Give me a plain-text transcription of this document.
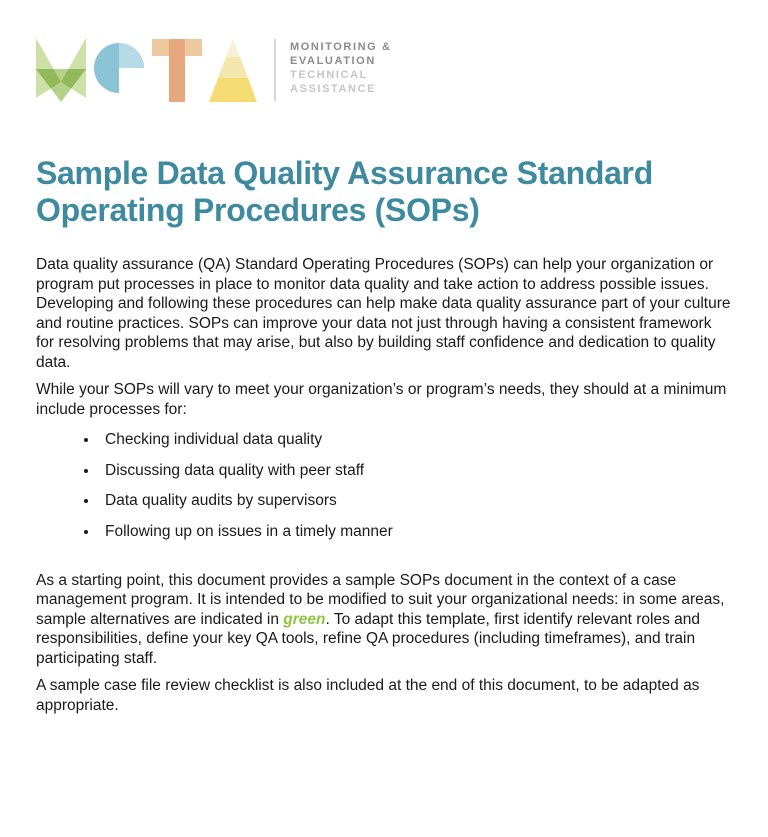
MONITORING &
EVALUATION
TECHNICAL
ASSISTANCE
Sample Data Quality Assurance Standard Operating Procedures (SOPs)

Data quality assurance (QA) Standard Operating Procedures (SOPs) can help your organization or program put processes in place to monitor data quality and take action to address possible issues. Developing and following these procedures can help make data quality assurance part of your culture and routine practices. SOPs can improve your data not just through having a consistent framework for resolving problems that may arise, but also by building staff confidence and dedication to quality data.

While your SOPs will vary to meet your organization’s or program’s needs, they should at a minimum include processes for:

• Checking individual data quality
• Discussing data quality with peer staff
• Data quality audits by supervisors
• Following up on issues in a timely manner

As a starting point, this document provides a sample SOPs document in the context of a case management program. It is intended to be modified to suit your organizational needs: in some areas, sample alternatives are indicated in green. To adapt this template, first identify relevant roles and responsibilities, define your key QA tools, refine QA procedures (including timeframes), and train participating staff.

A sample case file review checklist is also included at the end of this document, to be adapted as appropriate.
